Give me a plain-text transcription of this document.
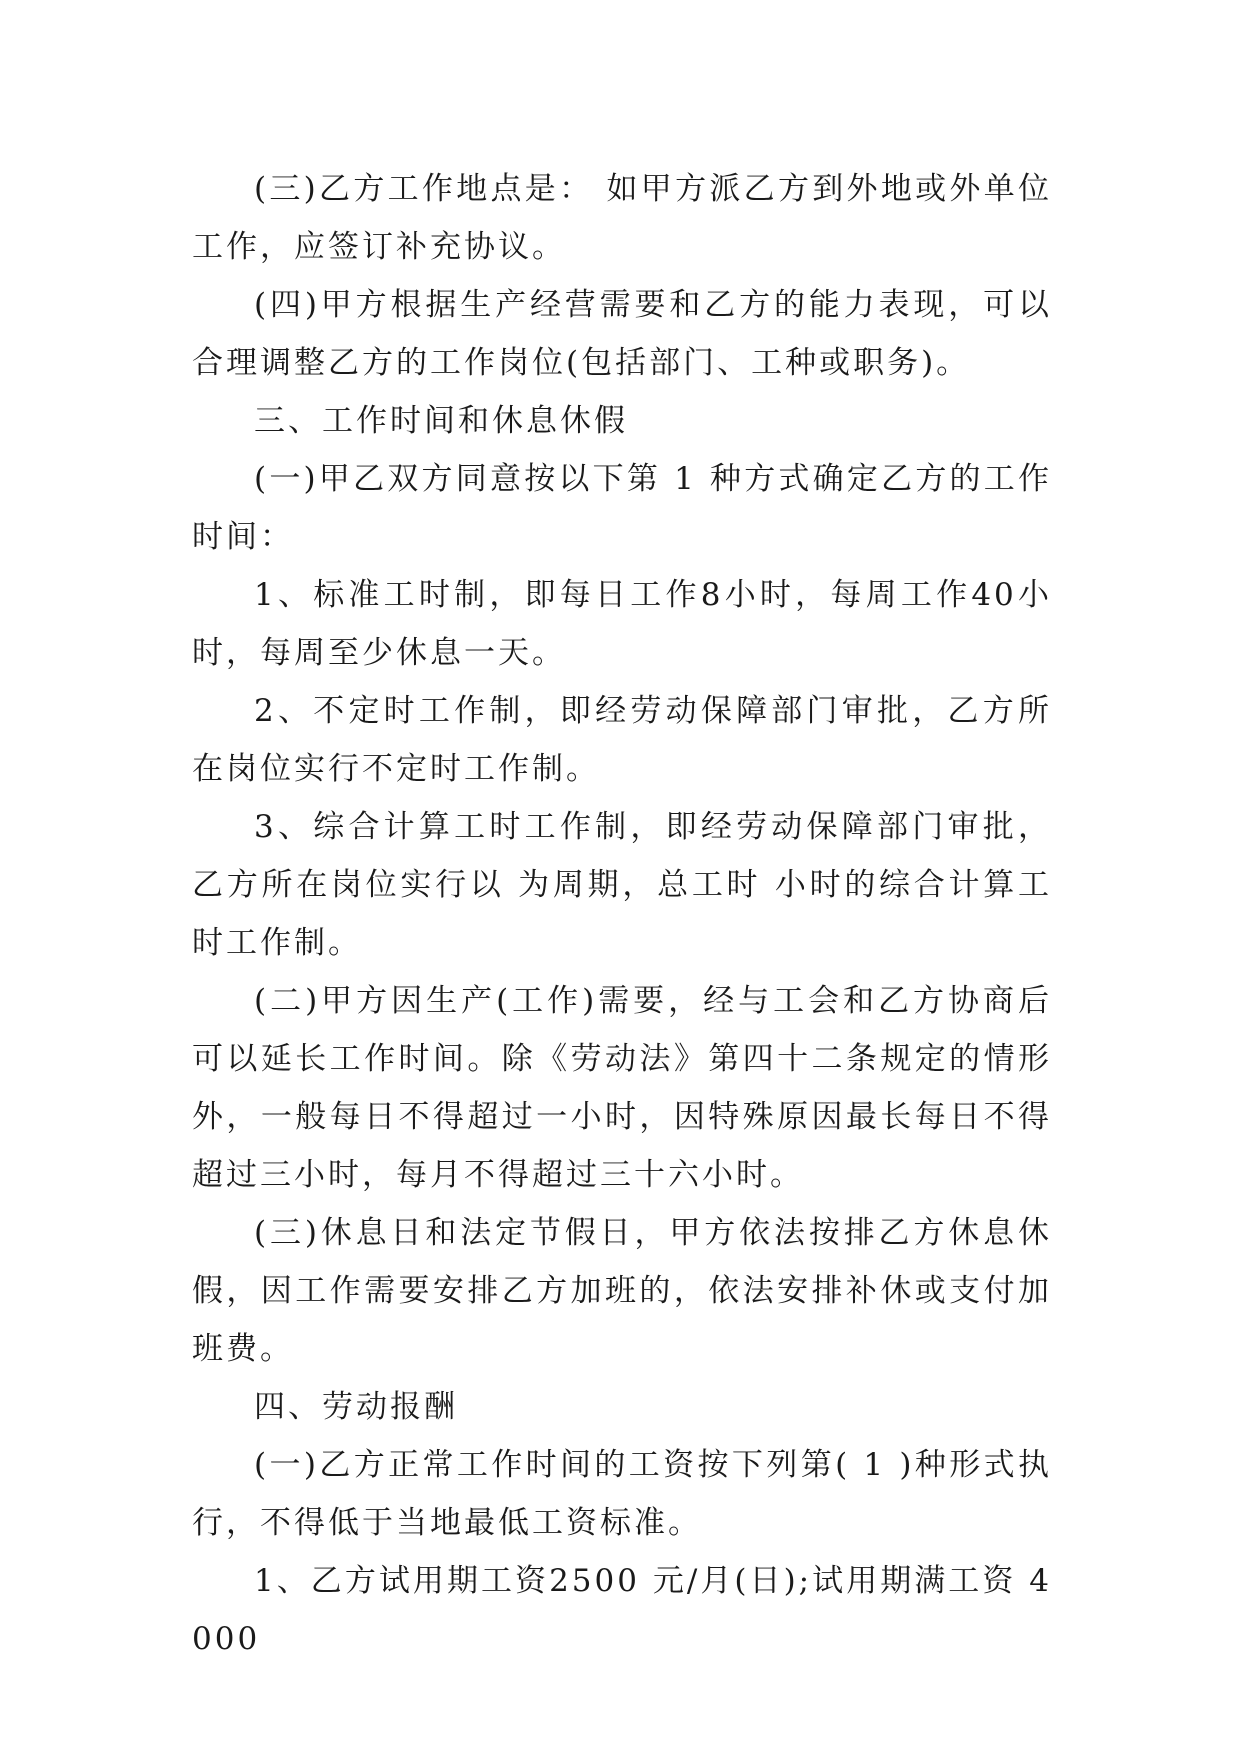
(三)乙方工作地点是： 如甲方派乙方到外地或外单位工作，应签订补充协议。

(四)甲方根据生产经营需要和乙方的能力表现，可以合理调整乙方的工作岗位(包括部门、工种或职务)。

三、工作时间和休息休假

(一)甲乙双方同意按以下第 1 种方式确定乙方的工作时间：

1、标准工时制，即每日工作8小时，每周工作40小时，每周至少休息一天。

2、不定时工作制，即经劳动保障部门审批，乙方所在岗位实行不定时工作制。

3、综合计算工时工作制，即经劳动保障部门审批，乙方所在岗位实行以 为周期，总工时 小时的综合计算工时工作制。

(二)甲方因生产(工作)需要，经与工会和乙方协商后可以延长工作时间。除《劳动法》第四十二条规定的情形外，一般每日不得超过一小时，因特殊原因最长每日不得超过三小时，每月不得超过三十六小时。

(三)休息日和法定节假日，甲方依法按排乙方休息休假，因工作需要安排乙方加班的，依法安排补休或支付加班费。

四、劳动报酬

(一)乙方正常工作时间的工资按下列第( 1 )种形式执行，不得低于当地最低工资标准。

1、乙方试用期工资2500 元/月(日);试用期满工资 4000
